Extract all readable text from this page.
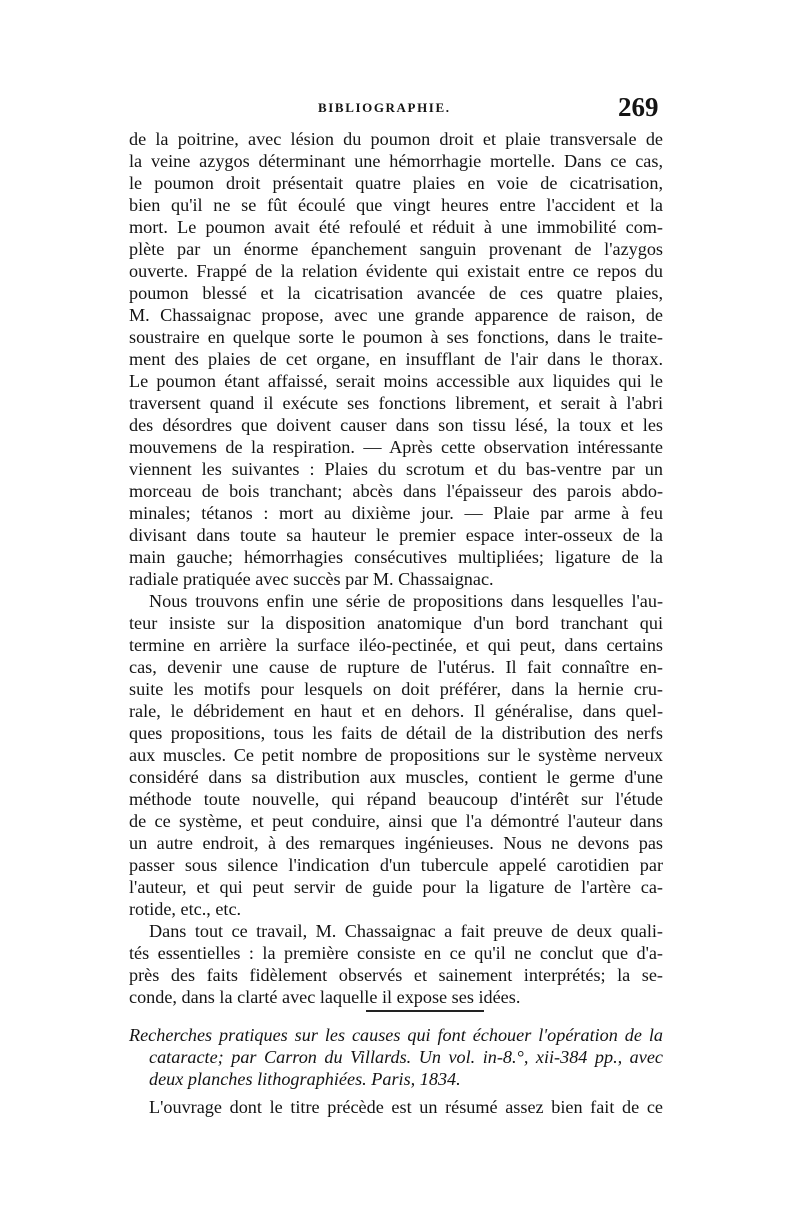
BIBLIOGRAPHIE.	269
de la poitrine, avec lésion du poumon droit et plaie transversale de
la veine azygos déterminant une hémorrhagie mortelle. Dans ce cas,
le poumon droit présentait quatre plaies en voie de cicatrisation,
bien qu'il ne se fût écoulé que vingt heures entre l'accident et la
mort. Le poumon avait été refoulé et réduit à une immobilité com-
plète par un énorme épanchement sanguin provenant de l'azygos
ouverte. Frappé de la relation évidente qui existait entre ce repos du
poumon blessé et la cicatrisation avancée de ces quatre plaies,
M. Chassaignac propose, avec une grande apparence de raison, de
soustraire en quelque sorte le poumon à ses fonctions, dans le traite-
ment des plaies de cet organe, en insufflant de l'air dans le thorax.
Le poumon étant affaissé, serait moins accessible aux liquides qui le
traversent quand il exécute ses fonctions librement, et serait à l'abri
des désordres que doivent causer dans son tissu lésé, la toux et les
mouvemens de la respiration. — Après cette observation intéressante
viennent les suivantes : Plaies du scrotum et du bas-ventre par un
morceau de bois tranchant; abcès dans l'épaisseur des parois abdo-
minales; tétanos : mort au dixième jour. — Plaie par arme à feu
divisant dans toute sa hauteur le premier espace inter-osseux de la
main gauche; hémorrhagies consécutives multipliées; ligature de la
radiale pratiquée avec succès par M. Chassaignac.
Nous trouvons enfin une série de propositions dans lesquelles l'au-
teur insiste sur la disposition anatomique d'un bord tranchant qui
termine en arrière la surface iléo-pectinée, et qui peut, dans certains
cas, devenir une cause de rupture de l'utérus. Il fait connaître en-
suite les motifs pour lesquels on doit préférer, dans la hernie cru-
rale, le débridement en haut et en dehors. Il généralise, dans quel-
ques propositions, tous les faits de détail de la distribution des nerfs
aux muscles. Ce petit nombre de propositions sur le système nerveux
considéré dans sa distribution aux muscles, contient le germe d'une
méthode toute nouvelle, qui répand beaucoup d'intérêt sur l'étude
de ce système, et peut conduire, ainsi que l'a démontré l'auteur dans
un autre endroit, à des remarques ingénieuses. Nous ne devons pas
passer sous silence l'indication d'un tubercule appelé carotidien par
l'auteur, et qui peut servir de guide pour la ligature de l'artère ca-
rotide, etc., etc.
Dans tout ce travail, M. Chassaignac a fait preuve de deux quali-
tés essentielles : la première consiste en ce qu'il ne conclut que d'a-
près des faits fidèlement observés et sainement interprétés; la se-
conde, dans la clarté avec laquelle il expose ses idées.
Recherches pratiques sur les causes qui font échouer l'opération de la
cataracte; par Carron du Villards. Un vol. in-8.°, xii-384 pp., avec
deux planches lithographiées. Paris, 1834.
L'ouvrage dont le titre précède est un résumé assez bien fait de ce
